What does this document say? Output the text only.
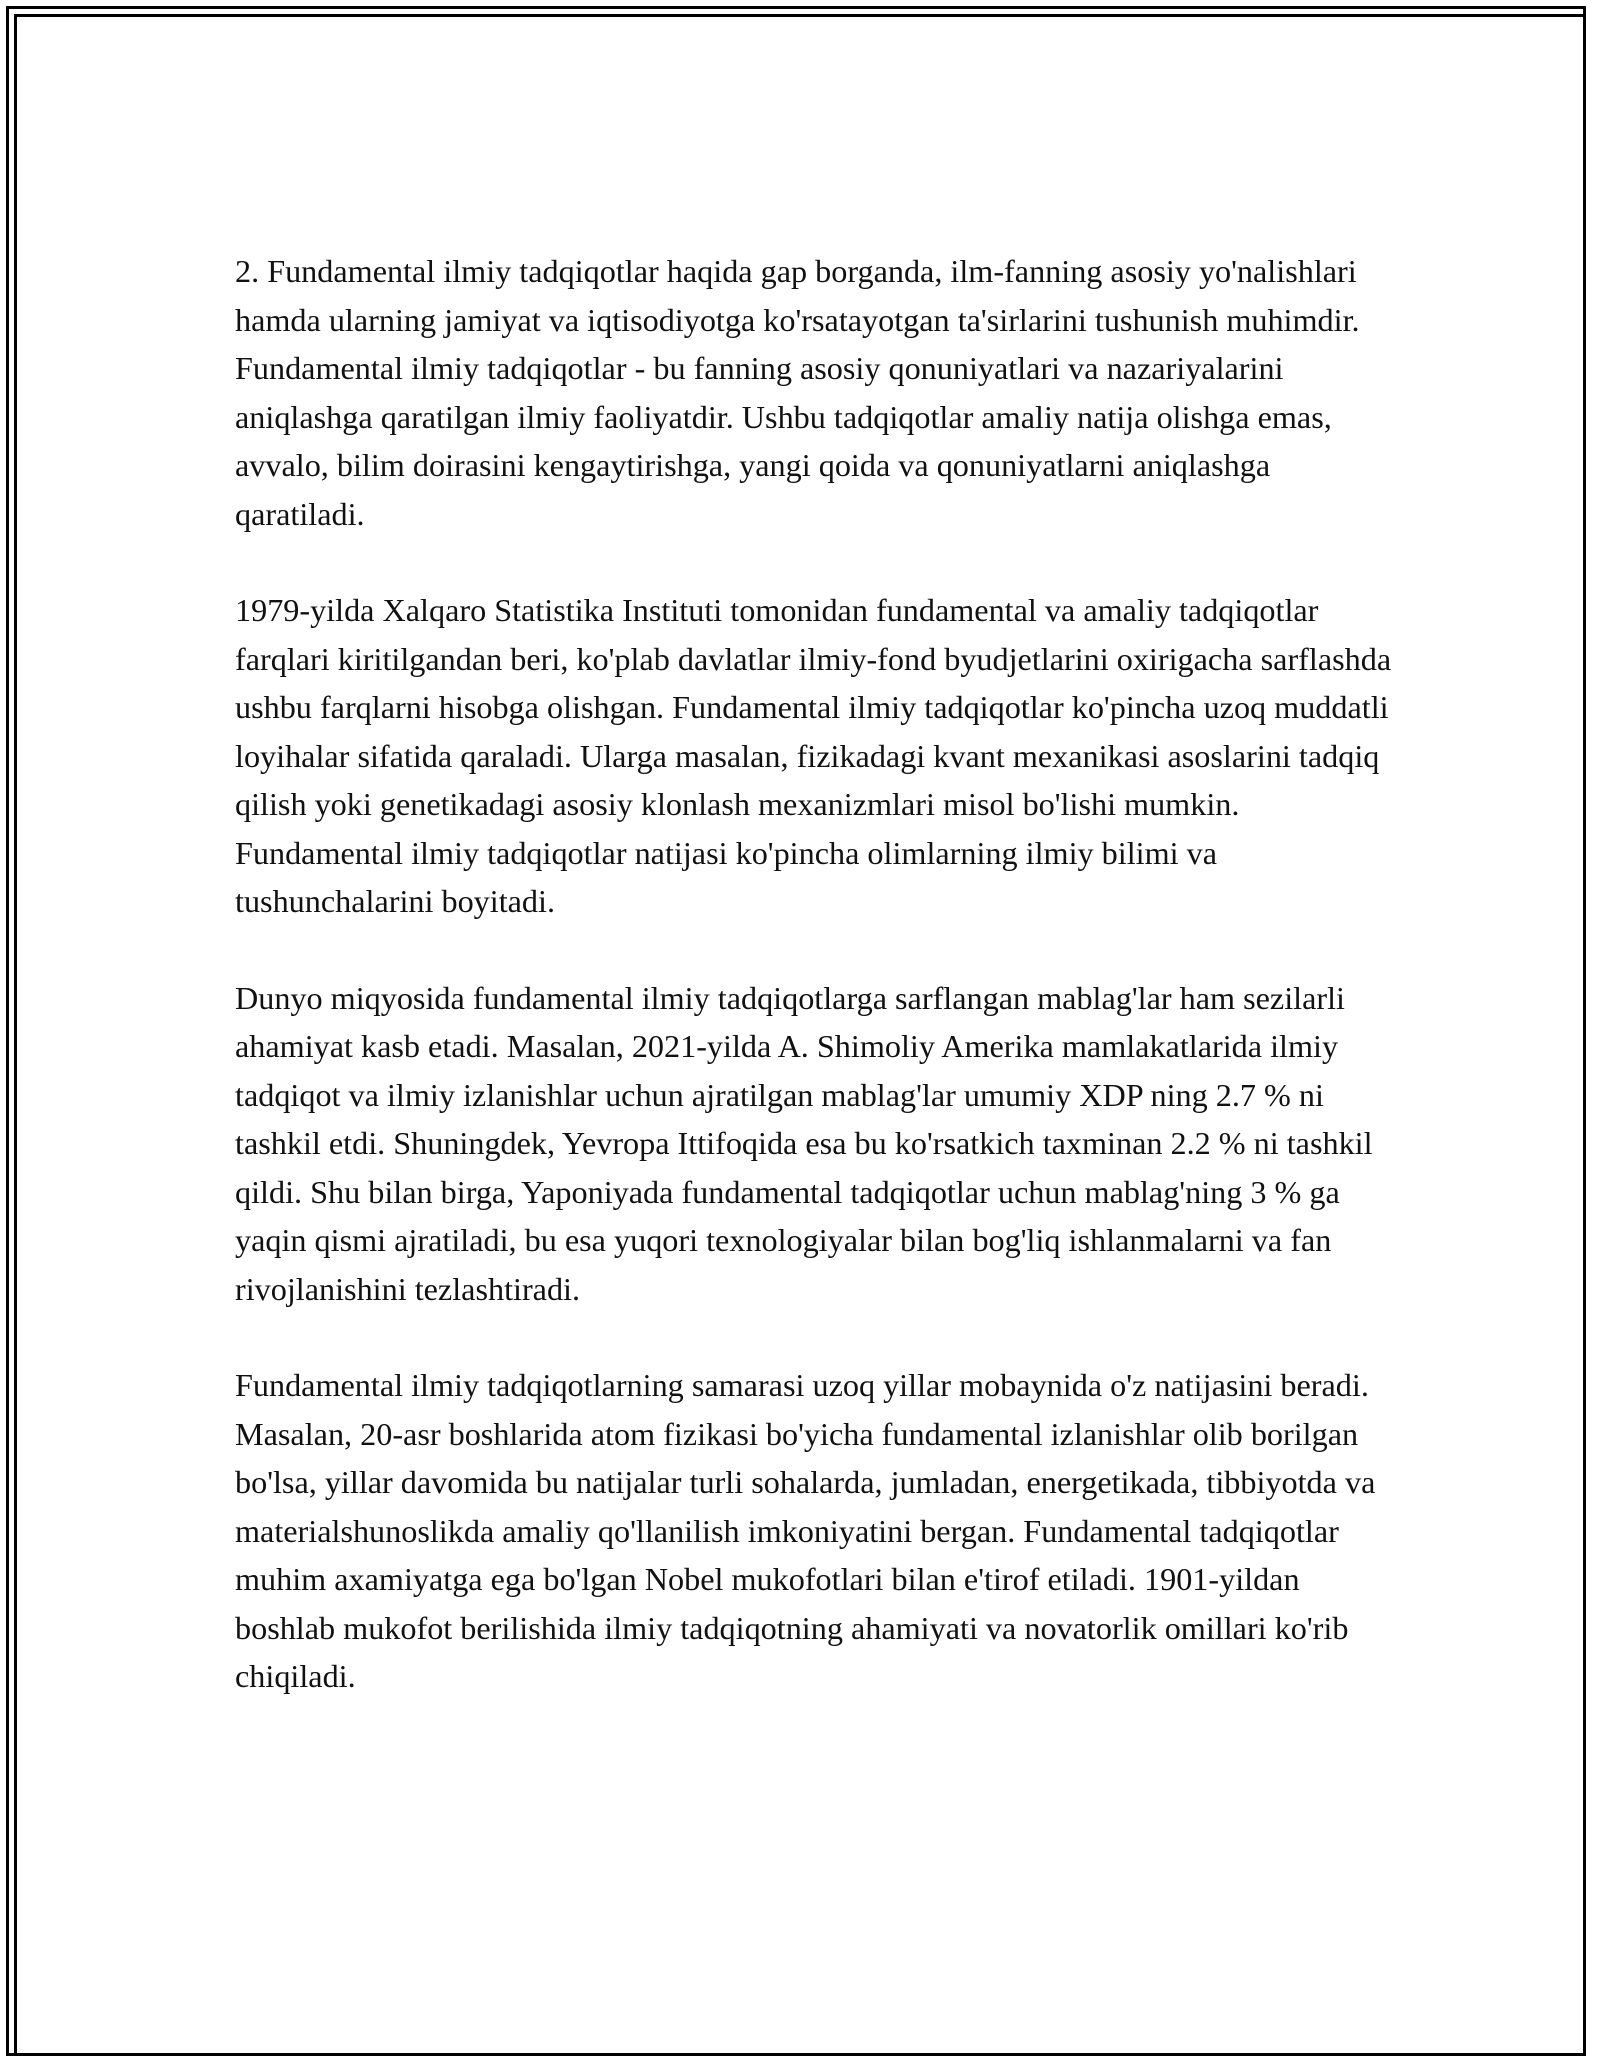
2. Fundamental ilmiy tadqiqotlar haqida gap borganda, ilm-fanning asosiy yo'nalishlari hamda ularning jamiyat va iqtisodiyotga ko'rsatayotgan ta'sirlarini tushunish muhimdir. Fundamental ilmiy tadqiqotlar - bu fanning asosiy qonuniyatlari va nazariyalarini aniqlashga qaratilgan ilmiy faoliyatdir. Ushbu tadqiqotlar amaliy natija olishga emas, avvalo, bilim doirasini kengaytirishga, yangi qoida va qonuniyatlarni aniqlashga qaratiladi.

1979-yilda Xalqaro Statistika Instituti tomonidan fundamental va amaliy tadqiqotlar farqlari kiritilgandan beri, ko'plab davlatlar ilmiy-fond byudjetlarini oxirigacha sarflashda ushbu farqlarni hisobga olishgan. Fundamental ilmiy tadqiqotlar ko'pincha uzoq muddatli loyihalar sifatida qaraladi. Ularga masalan, fizikadagi kvant mexanikasi asoslarini tadqiq qilish yoki genetikadagi asosiy klonlash mexanizmlari misol bo'lishi mumkin. Fundamental ilmiy tadqiqotlar natijasi ko'pincha olimlarning ilmiy bilimi va tushunchalarini boyitadi.

Dunyo miqyosida fundamental ilmiy tadqiqotlarga sarflangan mablag'lar ham sezilarli ahamiyat kasb etadi. Masalan, 2021-yilda A. Shimoliy Amerika mamlakatlarida ilmiy tadqiqot va ilmiy izlanishlar uchun ajratilgan mablag'lar umumiy XDP ning 2.7 % ni tashkil etdi. Shuningdek, Yevropa Ittifoqida esa bu ko'rsatkich taxminan 2.2 % ni tashkil qildi. Shu bilan birga, Yaponiyada fundamental tadqiqotlar uchun mablag'ning 3 % ga yaqin qismi ajratiladi, bu esa yuqori texnologiyalar bilan bog'liq ishlanmalarni va fan rivojlanishini tezlashtiradi.

Fundamental ilmiy tadqiqotlarning samarasi uzoq yillar mobaynida o'z natijasini beradi. Masalan, 20-asr boshlarida atom fizikasi bo'yicha fundamental izlanishlar olib borilgan bo'lsa, yillar davomida bu natijalar turli sohalarda, jumladan, energetikada, tibbiyotda va materialshunoslikda amaliy qo'llanilish imkoniyatini bergan. Fundamental tadqiqotlar muhim axamiyatga ega bo'lgan Nobel mukofotlari bilan e'tirof etiladi. 1901-yildan boshlab mukofot berilishida ilmiy tadqiqotning ahamiyati va novatorlik omillari ko'rib chiqiladi.
